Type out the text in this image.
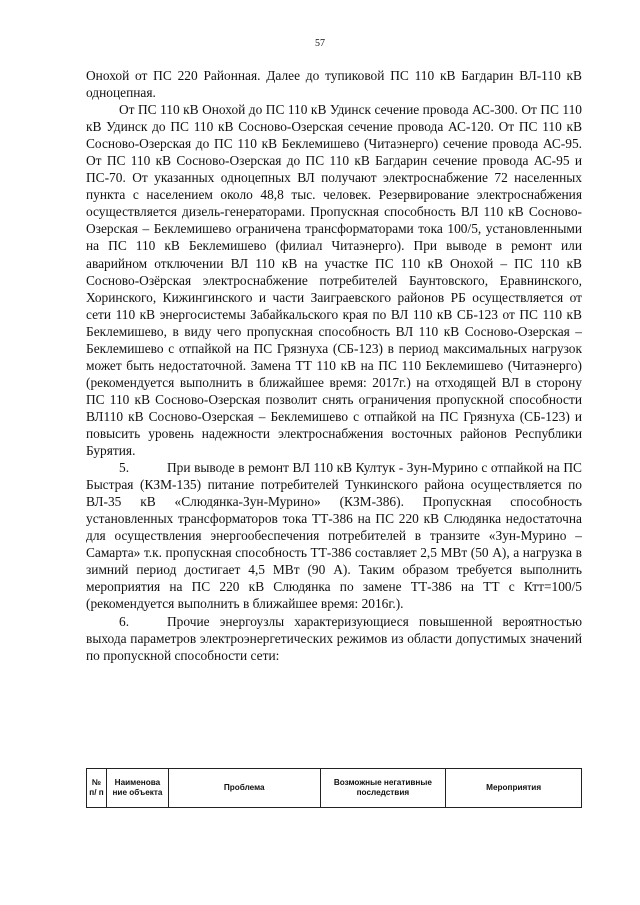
57

Онохой от ПС 220 Районная. Далее до тупиковой ПС 110 кВ Багдарин ВЛ-110 кВ одноцепная.

От ПС 110 кВ Онохой до ПС 110 кВ Удинск сечение провода АС-300. От ПС 110 кВ Удинск до ПС 110 кВ Сосново-Озерская сечение провода АС-120. От ПС 110 кВ Сосново-Озерская до ПС 110 кВ Беклемишево (Читаэнерго) сечение провода АС-95. От ПС 110 кВ Сосново-Озерская до ПС 110 кВ Багдарин сечение провода АС-95 и ПС-70. От указанных одноцепных ВЛ получают электроснабжение 72 населенных пункта с населением около 48,8 тыс. человек. Резервирование электроснабжения осуществляется дизель-генераторами. Пропускная способность ВЛ 110 кВ Сосново-Озерская – Беклемишево ограничена трансформаторами тока 100/5, установленными на ПС 110 кВ Беклемишево (филиал Читаэнерго). При выводе в ремонт или аварийном отключении ВЛ 110 кВ на участке ПС 110 кВ Онохой – ПС 110 кВ Сосново-Озёрская электроснабжение потребителей Баунтовского, Еравнинского, Хоринского, Кижингинского и части Заиграевского районов РБ осуществляется от сети 110 кВ энергосистемы Забайкальского края по ВЛ 110 кВ СБ-123 от ПС 110 кВ Беклемишево, в виду чего пропускная способность ВЛ 110 кВ Сосново-Озерская – Беклемишево с отпайкой на ПС Грязнуха (СБ-123) в период максимальных нагрузок может быть недостаточной. Замена ТТ 110 кВ на ПС 110 Беклемишево (Читаэнерго) (рекомендуется выполнить в ближайшее время: 2017г.) на отходящей ВЛ в сторону ПС 110 кВ Сосново-Озерская позволит снять ограничения пропускной способности ВЛ110 кВ Сосново-Озерская – Беклемишево с отпайкой на ПС Грязнуха (СБ-123) и повысить уровень надежности электроснабжения восточных районов Республики Бурятия.

5.	При выводе в ремонт ВЛ 110 кВ Култук - Зун-Мурино с отпайкой на ПС Быстрая (КЗМ-135) питание потребителей Тункинского района осуществляется по ВЛ-35 кВ «Слюдянка-Зун-Мурино» (КЗМ-386). Пропускная способность установленных трансформаторов тока ТТ-386 на ПС 220 кВ Слюдянка недостаточна для осуществления энергообеспечения потребителей в транзите «Зун-Мурино – Самарта» т.к. пропускная способность ТТ-386 составляет 2,5 МВт (50 А), а нагрузка в зимний период достигает 4,5 МВт (90 А). Таким образом требуется выполнить мероприятия на ПС 220 кВ Слюдянка по замене ТТ-386 на ТТ с Ктт=100/5 (рекомендуется выполнить в ближайшее время: 2016г.).

6.	Прочие энергоузлы характеризующиеся повышенной вероятностью выхода параметров электроэнергетических режимов из области допустимых значений по пропускной способности сети:

№ п/ п	Наименова ние объекта	Проблема	Возможные негативные последствия	Мероприятия
